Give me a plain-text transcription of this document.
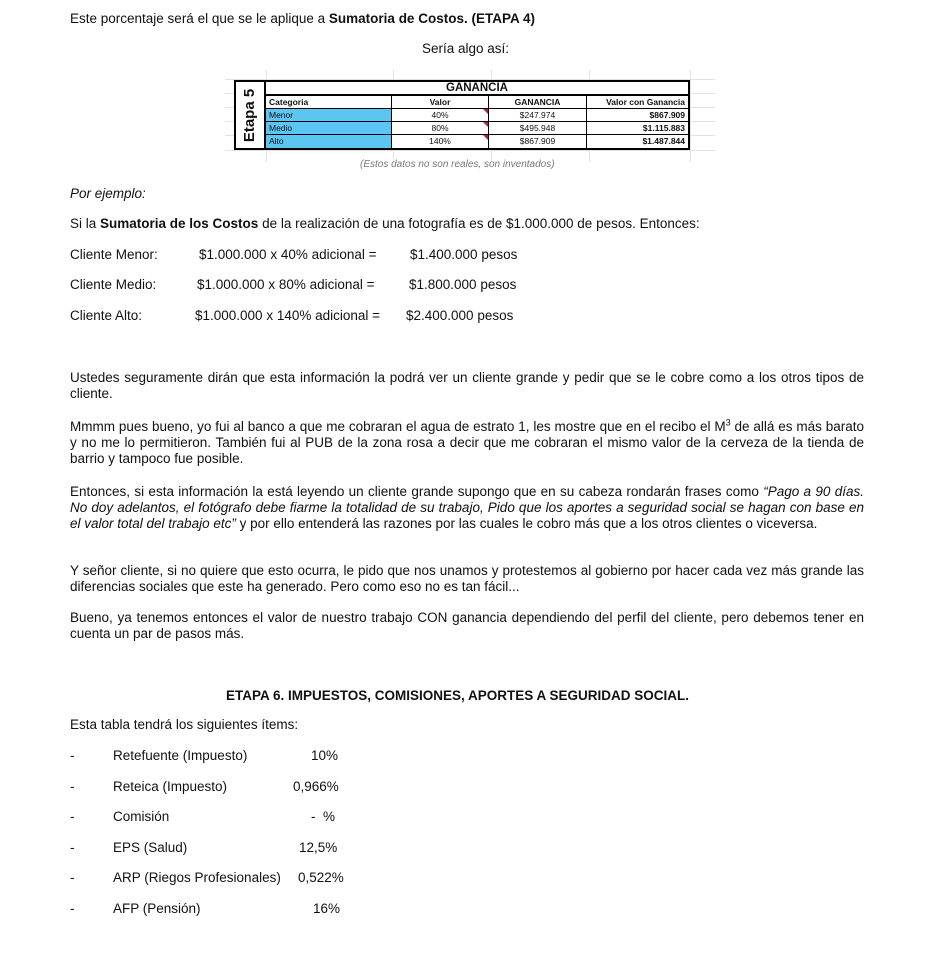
Este porcentaje será el que se le aplique a Sumatoria de Costos. (ETAPA 4)
Sería algo así:
Etapa 5
GANANCIA
Categoria	Valor	GANANCIA	Valor con Ganancia
Menor	40%	$247.974	$867.909
Medio	80%	$495.948	$1.115.883
Alto	140%	$867.909	$1.487.844
(Estos datos no son reales, son inventados)
Por ejemplo:
Si la Sumatoria de los Costos de la realización de una fotografía es de $1.000.000 de pesos. Entonces:
Cliente Menor:	$1.000.000 x 40% adicional = $1.400.000 pesos
Cliente Medio:	$1.000.000 x 80% adicional =	$1.800.000 pesos
Cliente Alto:	$1.000.000 x 140% adicional = $2.400.000 pesos
Ustedes seguramente dirán que esta información la podrá ver un cliente grande y pedir que se le cobre como a los otros tipos de cliente.
Mmmm pues bueno, yo fui al banco a que me cobraran el agua de estrato 1, les mostre que en el recibo el $M^3$ de allá es más barato y no me lo permitieron. También fui al PUB de la zona rosa a decir que me cobraran el mismo valor de la cerveza de la tienda de barrio y tampoco fue posible.
Entonces, si esta información la está leyendo un cliente grande supongo que en su cabeza rondarán frases como “Pago a 90 días. No doy adelantos, el fotógrafo debe fiarme la totalidad de su trabajo, Pido que los aportes a seguridad social se hagan con base en el valor total del trabajo etc” y por ello entenderá las razones por las cuales le cobro más que a los otros clientes o viceversa.
Y señor cliente, si no quiere que esto ocurra, le pido que nos unamos y protestemos al gobierno por hacer cada vez más grande las diferencias sociales que este ha generado. Pero como eso no es tan fácil...
Bueno, ya tenemos entonces el valor de nuestro trabajo CON ganancia dependiendo del perfil del cliente, pero debemos tener en cuenta un par de pasos más.
ETAPA 6. IMPUESTOS, COMISIONES, APORTES A SEGURIDAD SOCIAL.
Esta tabla tendrá los siguientes ítems:
-	Retefuente (Impuesto)	10%
-	Reteica (Impuesto)	0,966%
-	Comisión	-  %
-	EPS (Salud)	12,5%
-	ARP (Riegos Profesionales) 0,522%
-	AFP (Pensión)	16%
